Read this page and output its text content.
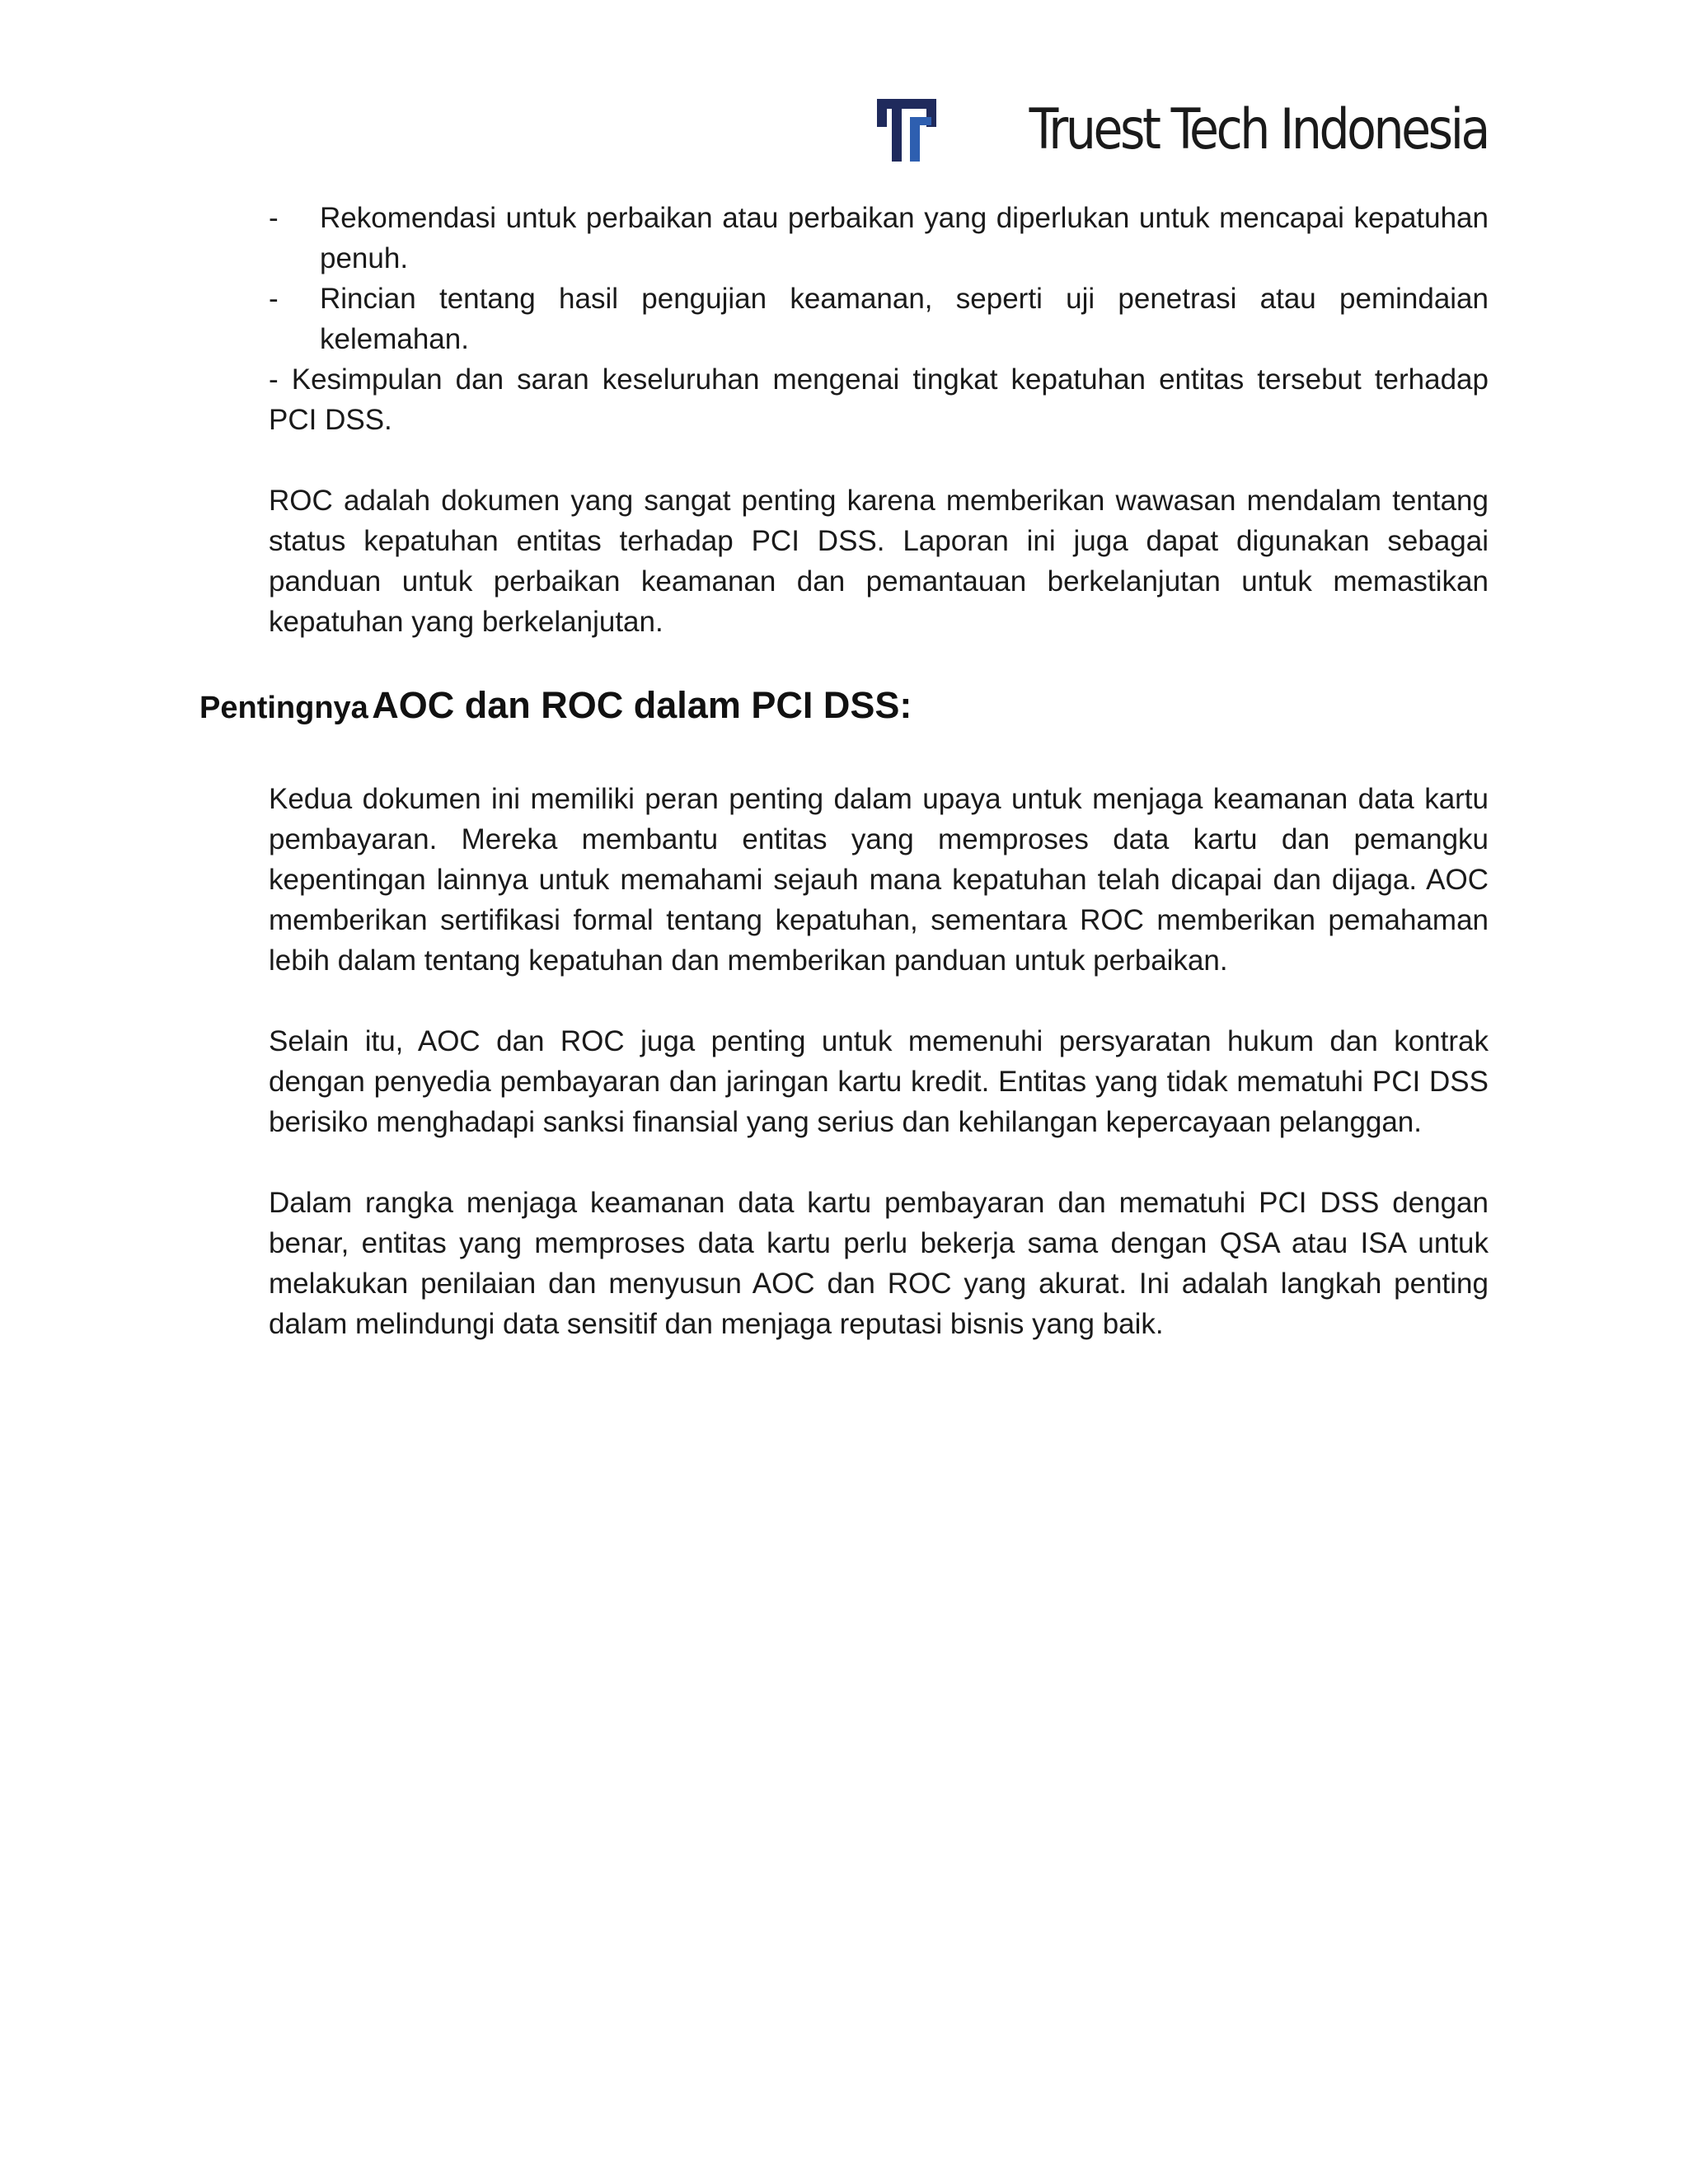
Truest Tech Indonesia
-	Rekomendasi untuk perbaikan atau perbaikan yang diperlukan untuk mencapai kepatuhan penuh.
-	Rincian tentang hasil pengujian keamanan, seperti uji penetrasi atau pemindaian kelemahan.

- Kesimpulan dan saran keseluruhan mengenai tingkat kepatuhan entitas tersebut terhadap PCI DSS.

ROC adalah dokumen yang sangat penting karena memberikan wawasan mendalam tentang status kepatuhan entitas terhadap PCI DSS. Laporan ini juga dapat digunakan sebagai panduan untuk perbaikan keamanan dan pemantauan berkelanjutan untuk memastikan kepatuhan yang berkelanjutan.

Pentingnya AOC dan ROC dalam PCI DSS:

Kedua dokumen ini memiliki peran penting dalam upaya untuk menjaga keamanan data kartu pembayaran. Mereka membantu entitas yang memproses data kartu dan pemangku kepentingan lainnya untuk memahami sejauh mana kepatuhan telah dicapai dan dijaga. AOC memberikan sertifikasi formal tentang kepatuhan, sementara ROC memberikan pemahaman lebih dalam tentang kepatuhan dan memberikan panduan untuk perbaikan.

Selain itu, AOC dan ROC juga penting untuk memenuhi persyaratan hukum dan kontrak dengan penyedia pembayaran dan jaringan kartu kredit. Entitas yang tidak mematuhi PCI DSS berisiko menghadapi sanksi finansial yang serius dan kehilangan kepercayaan pelanggan.

Dalam rangka menjaga keamanan data kartu pembayaran dan mematuhi PCI DSS dengan benar, entitas yang memproses data kartu perlu bekerja sama dengan QSA atau ISA untuk melakukan penilaian dan menyusun AOC dan ROC yang akurat. Ini adalah langkah penting dalam melindungi data sensitif dan menjaga reputasi bisnis yang baik.
